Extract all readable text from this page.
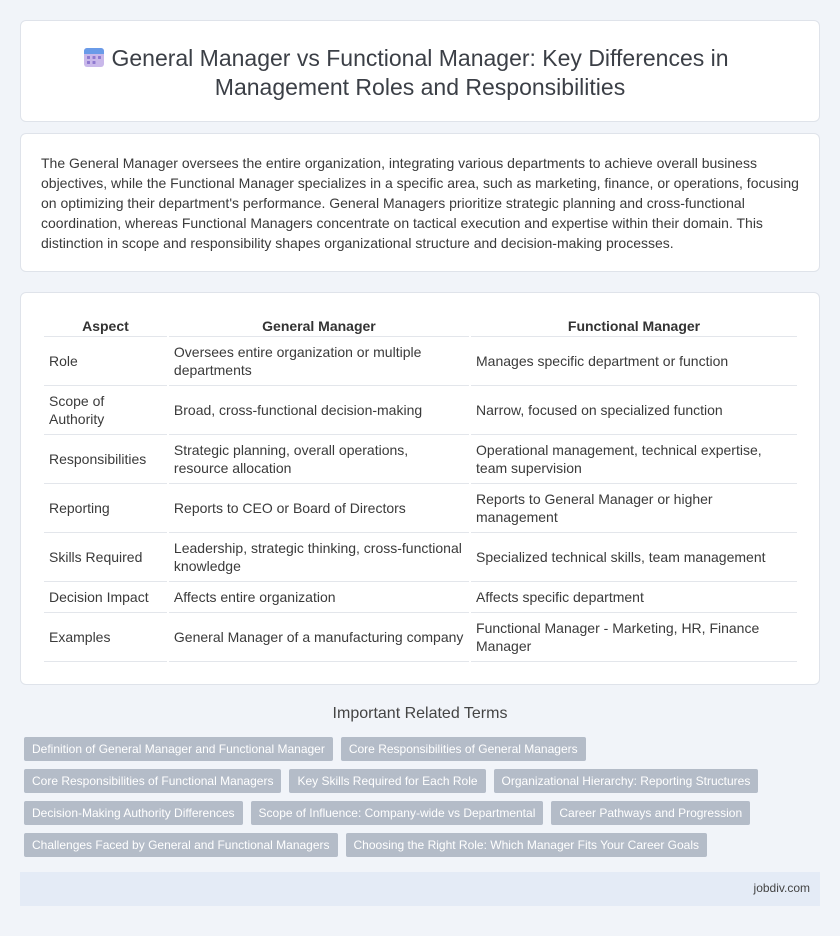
General Manager vs Functional Manager: Key Differences in
Management Roles and Responsibilities

The General Manager oversees the entire organization, integrating various departments to achieve overall business objectives, while the Functional Manager specializes in a specific area, such as marketing, finance, or operations, focusing on optimizing their department's performance. General Managers prioritize strategic planning and cross-functional coordination, whereas Functional Managers concentrate on tactical execution and expertise within their domain. This distinction in scope and responsibility shapes organizational structure and decision-making processes.

Aspect	General Manager	Functional Manager
Role	Oversees entire organization or multiple departments	Manages specific department or function
Scope of Authority	Broad, cross-functional decision-making	Narrow, focused on specialized function
Responsibilities	Strategic planning, overall operations, resource allocation	Operational management, technical expertise, team supervision
Reporting	Reports to CEO or Board of Directors	Reports to General Manager or higher management
Skills Required	Leadership, strategic thinking, cross-functional knowledge	Specialized technical skills, team management
Decision Impact	Affects entire organization	Affects specific department
Examples	General Manager of a manufacturing company	Functional Manager - Marketing, HR, Finance Manager
Important Related Terms
Definition of General Manager and Functional Manager	Core Responsibilities of General Managers
Core Responsibilities of Functional Managers	Key Skills Required for Each Role	Organizational Hierarchy: Reporting Structures
Decision-Making Authority Differences	Scope of Influence: Company-wide vs Departmental	Career Pathways and Progression
Challenges Faced by General and Functional Managers	Choosing the Right Role: Which Manager Fits Your Career Goals
jobdiv.com
